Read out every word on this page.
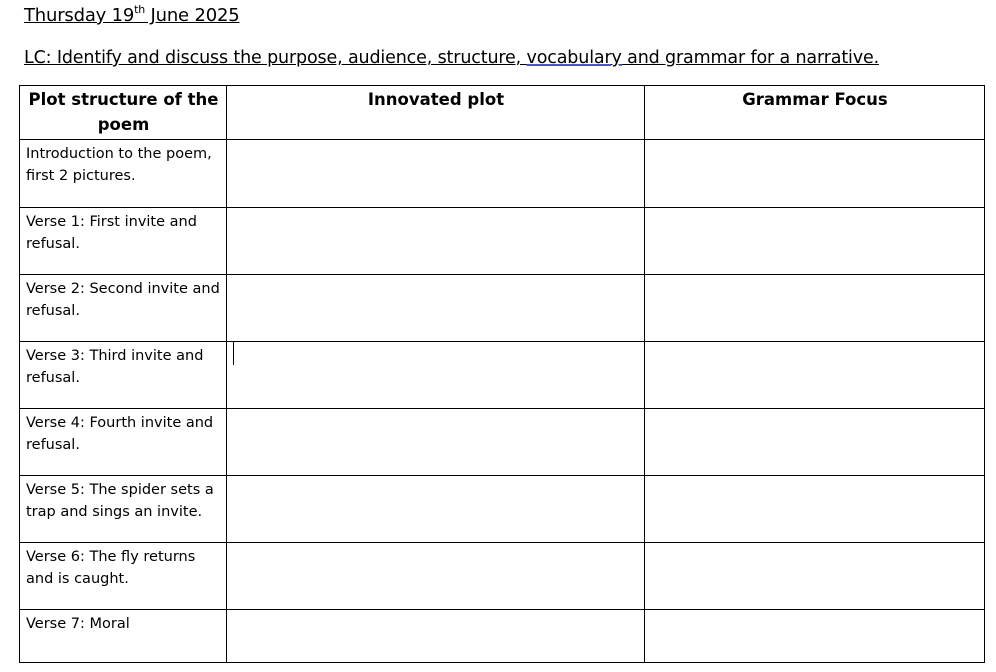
Thursday 19th June 2025
LC: Identify and discuss the purpose, audience, structure, vocabulary and grammar for a narrative.
Plot structure of the poem	Innovated plot	Grammar Focus
Introduction to the poem, first 2 pictures.		
Verse 1: First invite and refusal.		
Verse 2: Second invite and refusal.		
Verse 3: Third invite and refusal.		
Verse 4: Fourth invite and refusal.		
Verse 5: The spider sets a trap and sings an invite.		
Verse 6: The fly returns and is caught.		
Verse 7: Moral		
